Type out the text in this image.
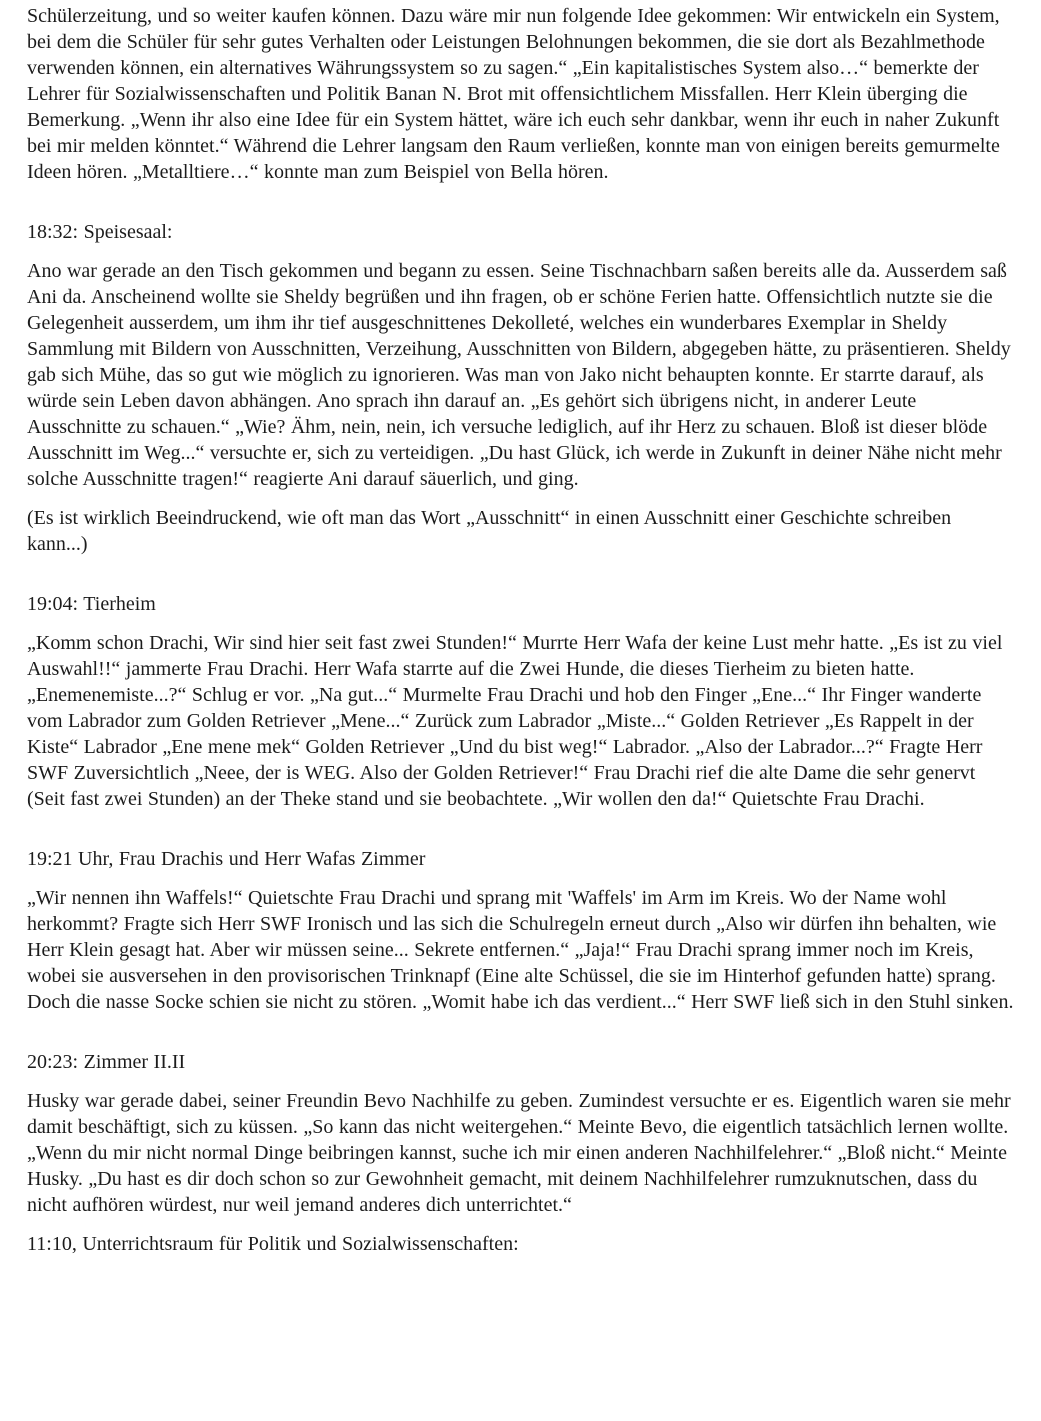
Schülerzeitung, und so weiter kaufen können. Dazu wäre mir nun folgende Idee gekommen: Wir entwickeln ein System, bei dem die Schüler für sehr gutes Verhalten oder Leistungen Belohnungen bekommen, die sie dort als Bezahlmethode verwenden können, ein alternatives Währungssystem so zu sagen.“ „Ein kapitalistisches System also…“ bemerkte der Lehrer für Sozialwissenschaften und Politik Banan N. Brot mit offensichtlichem Missfallen. Herr Klein überging die Bemerkung. „Wenn ihr also eine Idee für ein System hättet, wäre ich euch sehr dankbar, wenn ihr euch in naher Zukunft bei mir melden könntet.“ Während die Lehrer langsam den Raum verließen, konnte man von einigen bereits gemurmelte Ideen hören. „Metalltiere…“ konnte man zum Beispiel von Bella hören.

18:32: Speisesaal:

Ano war gerade an den Tisch gekommen und begann zu essen. Seine Tischnachbarn saßen bereits alle da. Ausserdem saß Ani da. Anscheinend wollte sie Sheldy begrüßen und ihn fragen, ob er schöne Ferien hatte. Offensichtlich nutzte sie die Gelegenheit ausserdem, um ihm ihr tief ausgeschnittenes Dekolleté, welches ein wunderbares Exemplar in Sheldy Sammlung mit Bildern von Ausschnitten, Verzeihung, Ausschnitten von Bildern, abgegeben hätte, zu präsentieren. Sheldy gab sich Mühe, das so gut wie möglich zu ignorieren. Was man von Jako nicht behaupten konnte. Er starrte darauf, als würde sein Leben davon abhängen. Ano sprach ihn darauf an. „Es gehört sich übrigens nicht, in anderer Leute Ausschnitte zu schauen.“ „Wie? Ähm, nein, nein, ich versuche lediglich, auf ihr Herz zu schauen. Bloß ist dieser blöde Ausschnitt im Weg...“ versuchte er, sich zu verteidigen. „Du hast Glück, ich werde in Zukunft in deiner Nähe nicht mehr solche Ausschnitte tragen!“ reagierte Ani darauf säuerlich, und ging.

(Es ist wirklich Beeindruckend, wie oft man das Wort „Ausschnitt“ in einen Ausschnitt einer Geschichte schreiben kann...)

19:04: Tierheim

„Komm schon Drachi, Wir sind hier seit fast zwei Stunden!“ Murrte Herr Wafa der keine Lust mehr hatte. „Es ist zu viel Auswahl!!“ jammerte Frau Drachi. Herr Wafa starrte auf die Zwei Hunde, die dieses Tierheim zu bieten hatte. „Enemenemiste...?“ Schlug er vor. „Na gut...“ Murmelte Frau Drachi und hob den Finger „Ene...“ Ihr Finger wanderte vom Labrador zum Golden Retriever „Mene...“ Zurück zum Labrador „Miste...“ Golden Retriever „Es Rappelt in der Kiste“ Labrador „Ene mene mek“ Golden Retriever „Und du bist weg!“ Labrador. „Also der Labrador...?“ Fragte Herr SWF Zuversichtlich „Neee, der is WEG. Also der Golden Retriever!“ Frau Drachi rief die alte Dame die sehr genervt (Seit fast zwei Stunden) an der Theke stand und sie beobachtete. „Wir wollen den da!“ Quietschte Frau Drachi.

19:21 Uhr, Frau Drachis und Herr Wafas Zimmer

„Wir nennen ihn Waffels!“ Quietschte Frau Drachi und sprang mit 'Waffels' im Arm im Kreis. Wo der Name wohl herkommt? Fragte sich Herr SWF Ironisch und las sich die Schulregeln erneut durch „Also wir dürfen ihn behalten, wie Herr Klein gesagt hat. Aber wir müssen seine... Sekrete entfernen.“ „Jaja!“ Frau Drachi sprang immer noch im Kreis, wobei sie ausversehen in den provisorischen Trinknapf (Eine alte Schüssel, die sie im Hinterhof gefunden hatte) sprang. Doch die nasse Socke schien sie nicht zu stören. „Womit habe ich das verdient...“ Herr SWF ließ sich in den Stuhl sinken.

20:23: Zimmer II.II

Husky war gerade dabei, seiner Freundin Bevo Nachhilfe zu geben. Zumindest versuchte er es. Eigentlich waren sie mehr damit beschäftigt, sich zu küssen. „So kann das nicht weitergehen.“ Meinte Bevo, die eigentlich tatsächlich lernen wollte. „Wenn du mir nicht normal Dinge beibringen kannst, suche ich mir einen anderen Nachhilfelehrer.“ „Bloß nicht.“ Meinte Husky. „Du hast es dir doch schon so zur Gewohnheit gemacht, mit deinem Nachhilfelehrer rumzuknutschen, dass du nicht aufhören würdest, nur weil jemand anderes dich unterrichtet.“

11:10, Unterrichtsraum für Politik und Sozialwissenschaften:
